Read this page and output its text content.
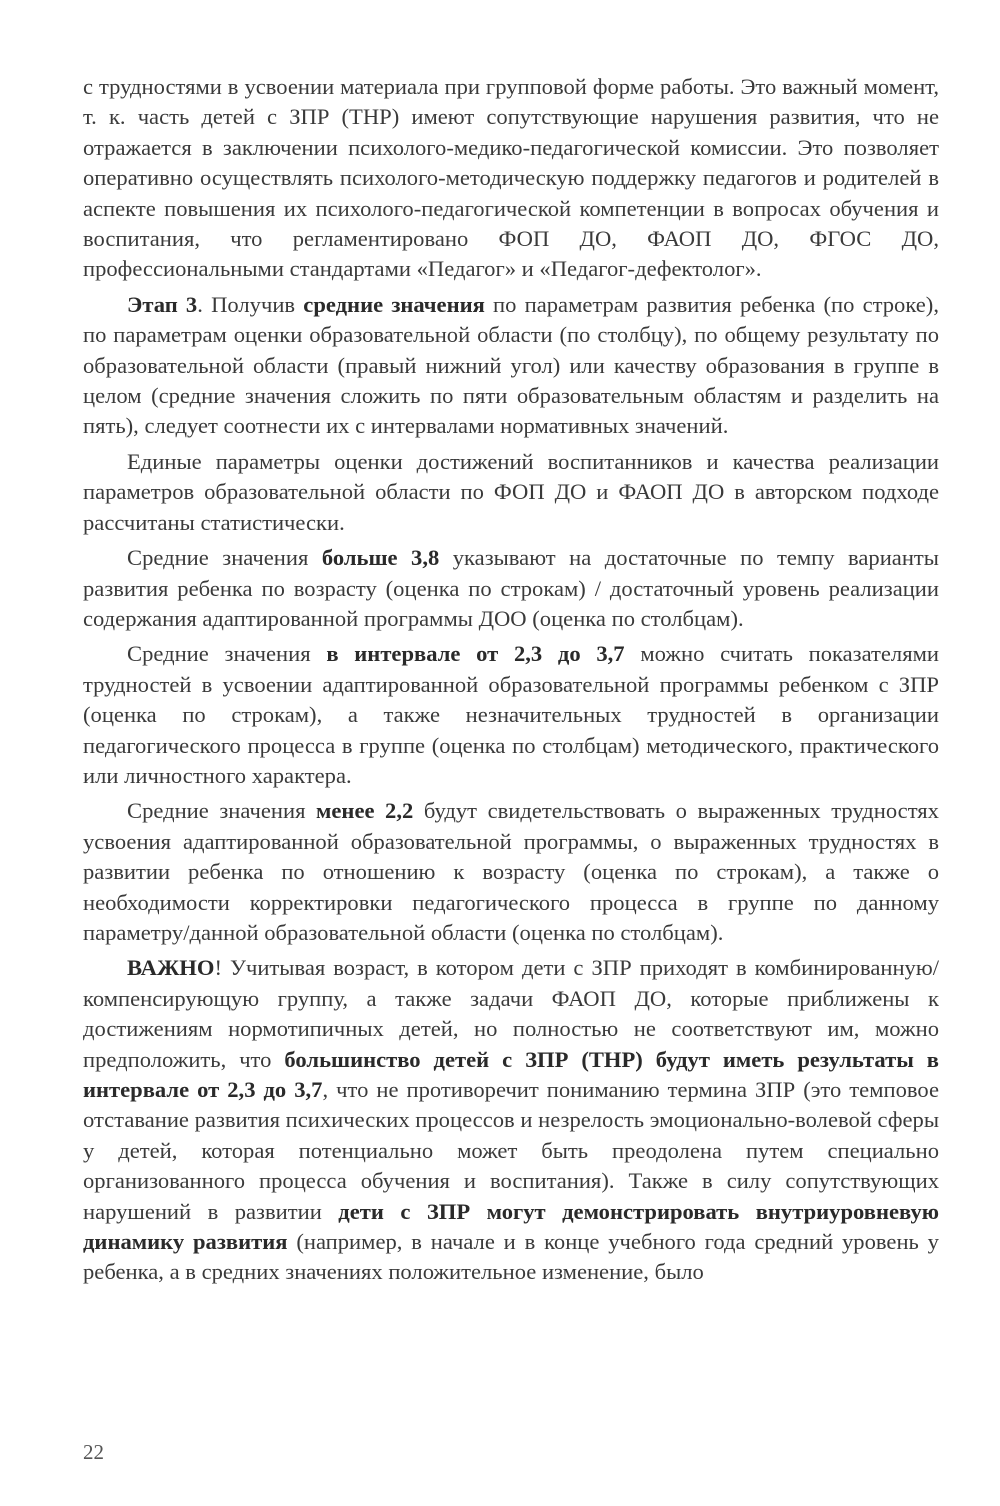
с трудностями в усвоении материала при групповой форме работы. Это важный момент, т. к. часть детей с ЗПР (ТНР) имеют сопутствующие нарушения развития, что не отражается в заключении психолого-медико-педагогической комиссии. Это позволяет оперативно осуществлять психолого-методическую поддержку педагогов и родителей в аспекте повышения их психолого-педагогической компетенции в вопросах обучения и воспитания, что регламентировано ФОП ДО, ФАОП ДО, ФГОС ДО, профессиональными стандартами «Педагог» и «Педагог-дефектолог».

Этап 3. Получив средние значения по параметрам развития ребенка (по строке), по параметрам оценки образовательной области (по столбцу), по общему результату по образовательной области (правый нижний угол) или качеству образования в группе в целом (средние значения сложить по пяти образовательным областям и разделить на пять), следует соотнести их с интервалами нормативных значений.

Единые параметры оценки достижений воспитанников и качества реализации параметров образовательной области по ФОП ДО и ФАОП ДО в авторском подходе рассчитаны статистически.

Средние значения больше 3,8 указывают на достаточные по темпу варианты развития ребенка по возрасту (оценка по строкам) / достаточный уровень реализации содержания адаптированной программы ДОО (оценка по столбцам).

Средние значения в интервале от 2,3 до 3,7 можно считать показателями трудностей в усвоении адаптированной образовательной программы ребенком с ЗПР (оценка по строкам), а также незначительных трудностей в организации педагогического процесса в группе (оценка по столбцам) методического, практического или личностного характера.

Средние значения менее 2,2 будут свидетельствовать о выраженных трудностях усвоения адаптированной образовательной программы, о выраженных трудностях в развитии ребенка по отношению к возрасту (оценка по строкам), а также о необходимости корректировки педагогического процесса в группе по данному параметру/данной образовательной области (оценка по столбцам).

ВАЖНО! Учитывая возраст, в котором дети с ЗПР приходят в комбинированную/компенсирующую группу, а также задачи ФАОП ДО, которые приближены к достижениям нормотипичных детей, но полностью не соответствуют им, можно предположить, что большинство детей с ЗПР (ТНР) будут иметь результаты в интервале от 2,3 до 3,7, что не противоречит пониманию термина ЗПР (это темповое отставание развития психических процессов и незрелость эмоционально-волевой сферы у детей, которая потенциально может быть преодолена путем специально организованного процесса обучения и воспитания). Также в силу сопутствующих нарушений в развитии дети с ЗПР могут демонстрировать внутриуровневую динамику развития (например, в начале и в конце учебного года средний уровень у ребенка, а в средних значениях положительное изменение, было

22
